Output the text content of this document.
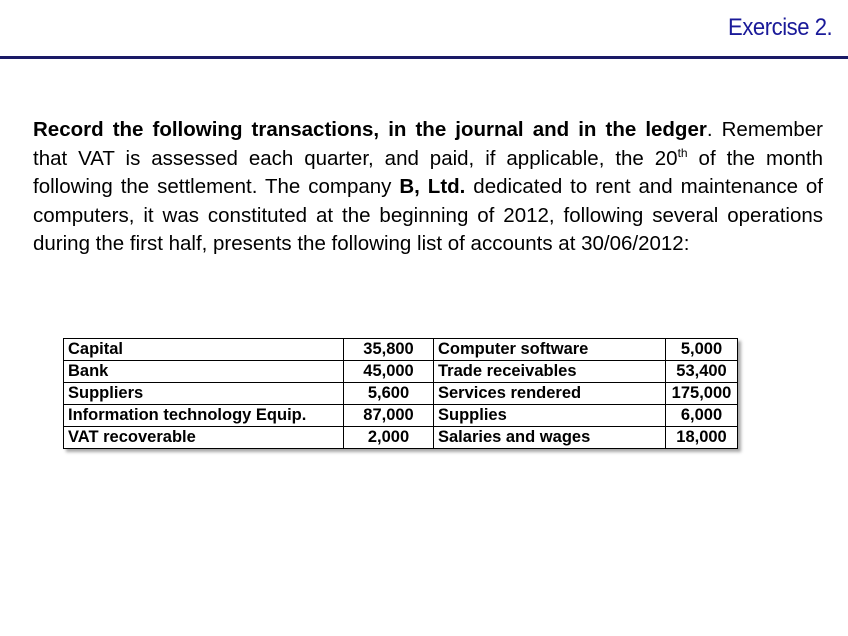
Exercise 2.
Record the following transactions, in the journal and in the ledger. Remember that VAT is assessed each quarter, and paid, if applicable, the 20th of the month following the settlement. The company B, Ltd. dedicated to rent and maintenance of computers, it was constituted at the beginning of 2012, following several operations during the first half, presents the following list of accounts at 30/06/2012:
Capital	35,800	Computer software	5,000
Bank	45,000	Trade receivables	53,400
Suppliers	5,600	Services rendered	175,000
Information technology Equip.	87,000	Supplies	6,000
VAT recoverable	2,000	Salaries and wages	18,000
